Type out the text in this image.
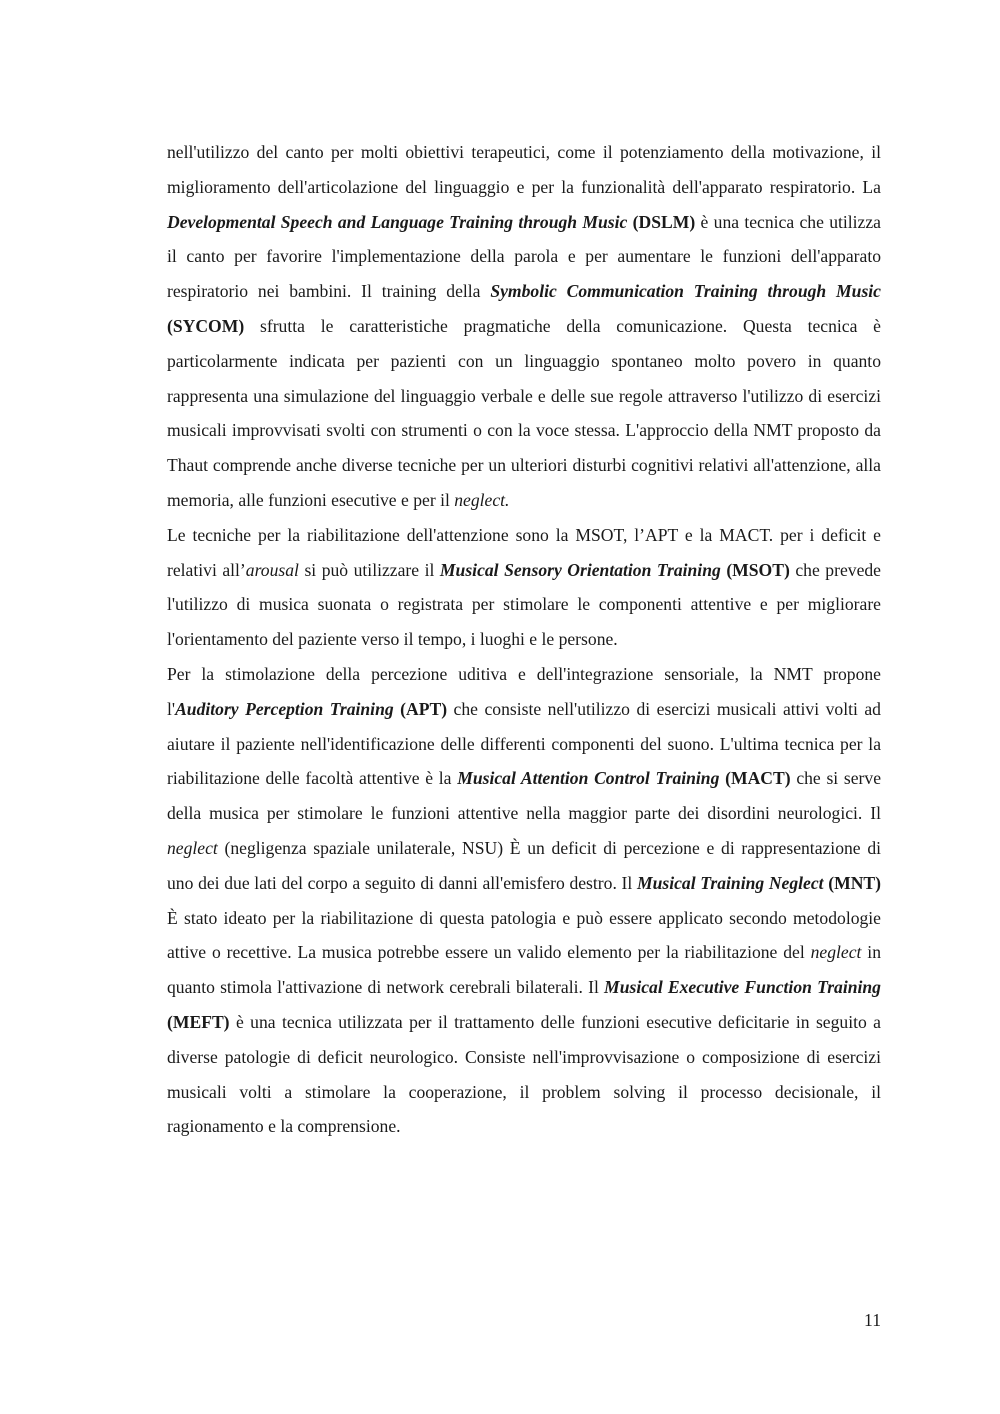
nell'utilizzo del canto per molti obiettivi terapeutici, come il potenziamento della motivazione, il miglioramento dell'articolazione del linguaggio e per la funzionalità dell'apparato respiratorio. La Developmental Speech and Language Training through Music (DSLM) è una tecnica che utilizza il canto per favorire l'implementazione della parola e per aumentare le funzioni dell'apparato respiratorio nei bambini. Il training della Symbolic Communication Training through Music (SYCOM) sfrutta le caratteristiche pragmatiche della comunicazione. Questa tecnica è particolarmente indicata per pazienti con un linguaggio spontaneo molto povero in quanto rappresenta una simulazione del linguaggio verbale e delle sue regole attraverso l'utilizzo di esercizi musicali improvvisati svolti con strumenti o con la voce stessa. L'approccio della NMT proposto da Thaut comprende anche diverse tecniche per un ulteriori disturbi cognitivi relativi all'attenzione, alla memoria, alle funzioni esecutive e per il neglect.

Le tecniche per la riabilitazione dell'attenzione sono la MSOT, l’APT e la MACT. per i deficit e relativi all’arousal si può utilizzare il Musical Sensory Orientation Training (MSOT) che prevede l'utilizzo di musica suonata o registrata per stimolare le componenti attentive e per migliorare l'orientamento del paziente verso il tempo, i luoghi e le persone.

Per la stimolazione della percezione uditiva e dell'integrazione sensoriale, la NMT propone l'Auditory Perception Training (APT) che consiste nell'utilizzo di esercizi musicali attivi volti ad aiutare il paziente nell'identificazione delle differenti componenti del suono. L'ultima tecnica per la riabilitazione delle facoltà attentive è la Musical Attention Control Training (MACT) che si serve della musica per stimolare le funzioni attentive nella maggior parte dei disordini neurologici. Il neglect (negligenza spaziale unilaterale, NSU) È un deficit di percezione e di rappresentazione di uno dei due lati del corpo a seguito di danni all'emisfero destro. Il Musical Training Neglect (MNT) È stato ideato per la riabilitazione di questa patologia e può essere applicato secondo metodologie attive o recettive. La musica potrebbe essere un valido elemento per la riabilitazione del neglect in quanto stimola l'attivazione di network cerebrali bilaterali. Il Musical Executive Function Training (MEFT) è una tecnica utilizzata per il trattamento delle funzioni esecutive deficitarie in seguito a diverse patologie di deficit neurologico. Consiste nell'improvvisazione o composizione di esercizi musicali volti a stimolare la cooperazione, il problem solving il processo decisionale, il ragionamento e la comprensione.

11
